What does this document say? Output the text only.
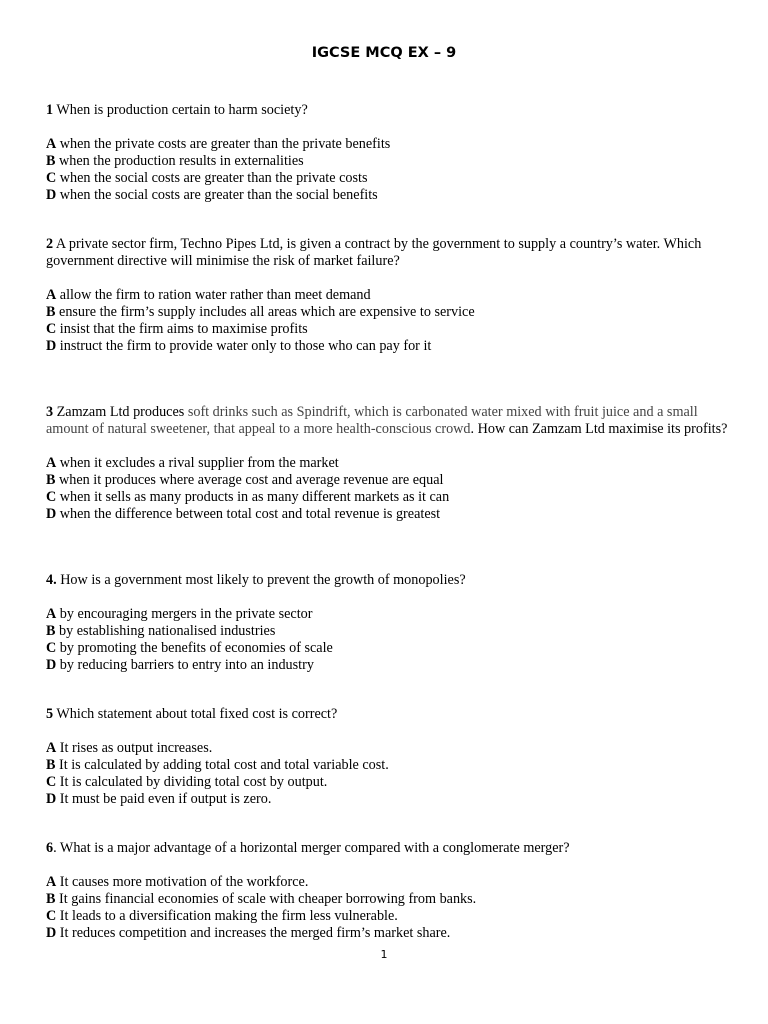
IGCSE MCQ EX – 9

1 When is production certain to harm society?

A when the private costs are greater than the private benefits

B when the production results in externalities

C when the social costs are greater than the private costs

D when the social costs are greater than the social benefits

2 A private sector firm, Techno Pipes Ltd, is given a contract by the government to supply a country’s water. Which government directive will minimise the risk of market failure?

A allow the firm to ration water rather than meet demand

B ensure the firm’s supply includes all areas which are expensive to service

C insist that the firm aims to maximise profits

D instruct the firm to provide water only to those who can pay for it

3 Zamzam Ltd produces soft drinks such as Spindrift, which is carbonated water mixed with fruit juice and a small amount of natural sweetener, that appeal to a more health-conscious crowd. How can Zamzam Ltd maximise its profits?

A when it excludes a rival supplier from the market

B when it produces where average cost and average revenue are equal

C when it sells as many products in as many different markets as it can

D when the difference between total cost and total revenue is greatest

4. How is a government most likely to prevent the growth of monopolies?

A by encouraging mergers in the private sector

B by establishing nationalised industries

C by promoting the benefits of economies of scale

D by reducing barriers to entry into an industry

5 Which statement about total fixed cost is correct?

A It rises as output increases.

B It is calculated by adding total cost and total variable cost.

C It is calculated by dividing total cost by output.

D It must be paid even if output is zero.

6. What is a major advantage of a horizontal merger compared with a conglomerate merger?

A It causes more motivation of the workforce.

B It gains financial economies of scale with cheaper borrowing from banks.

C It leads to a diversification making the firm less vulnerable.

D It reduces competition and increases the merged firm’s market share.

1
